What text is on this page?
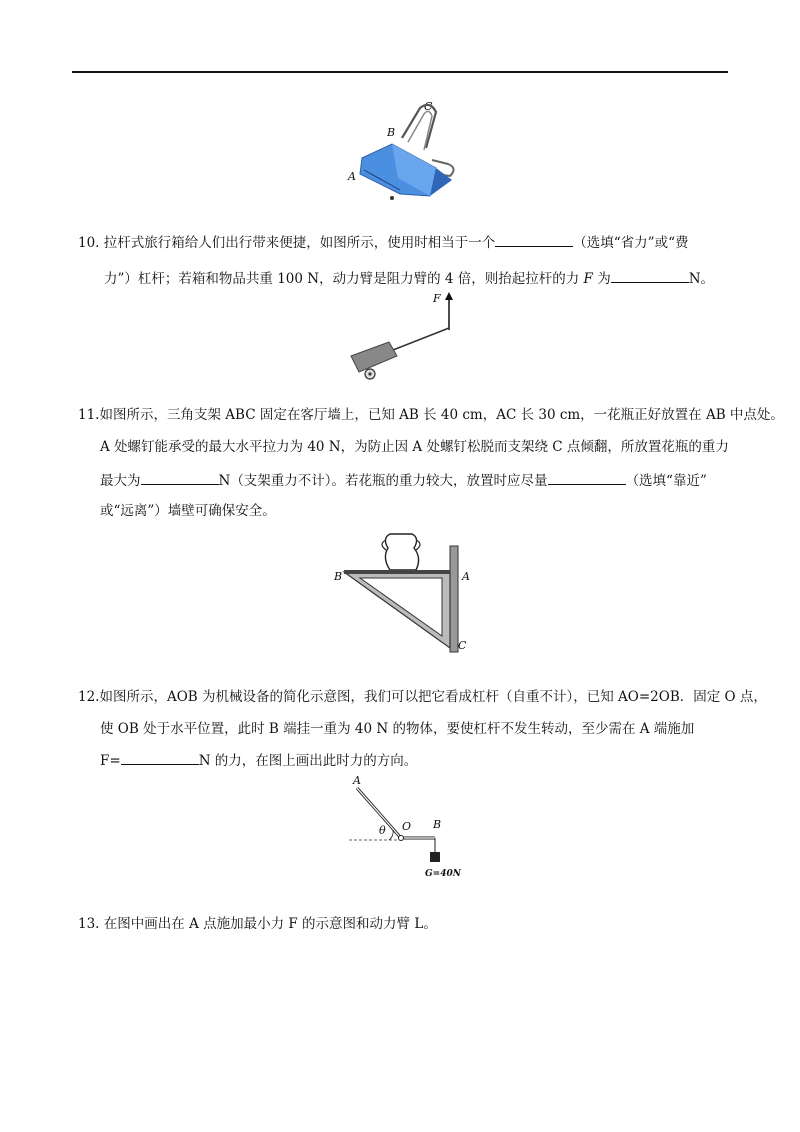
C
B
A
10. 拉杆式旅行箱给人们出行带来便捷，如图所示，使用时相当于一个	（选填“省力”或“费
力”）杠杆；若箱和物品共重 100 N，动力臂是阻力臂的 4 倍，则抬起拉杆的力 F 为	N。
F
11.如图所示，三角支架 ABC 固定在客厅墙上，已知 AB 长 40 cm，AC 长 30 cm，一花瓶正好放置在 AB 中点处。
A 处螺钉能承受的最大水平拉力为 40 N，为防止因 A 处螺钉松脱而支架绕 C 点倾翻，所放置花瓶的重力
最大为	N（支架重力不计）。若花瓶的重力较大，放置时应尽量	（选填“靠近”
或“远离”）墙壁可确保安全。
B	A
C
12.如图所示，AOB 为机械设备的简化示意图，我们可以把它看成杠杆（自重不计），已知 AO=2OB．固定 O 点，
使 OB 处于水平位置，此时 B 端挂一重为 40 N 的物体，要使杠杆不发生转动，至少需在 A 端施加
F=	N 的力，在图上画出此时力的方向。
A
θ O B
G=40N
13. 在图中画出在 A 点施加最小力 F 的示意图和动力臂 L。
